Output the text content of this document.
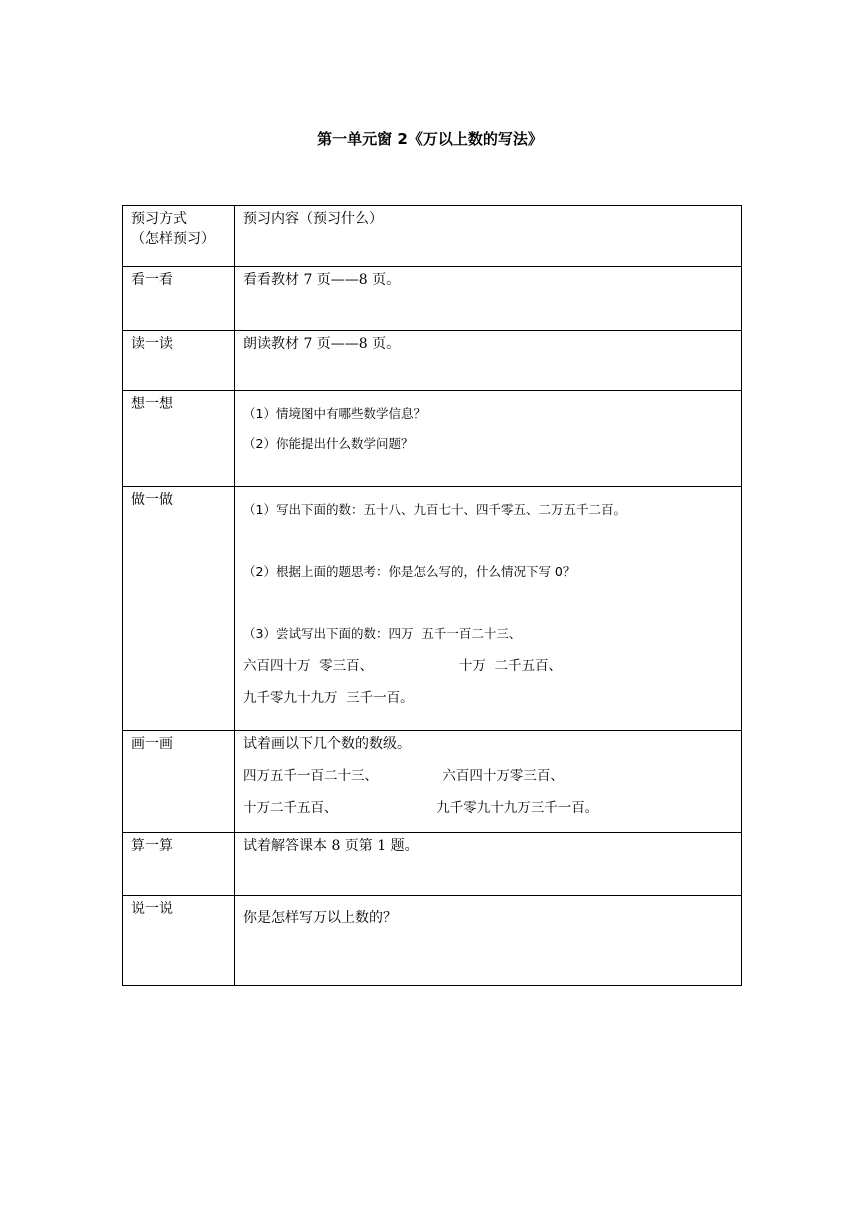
第一单元窗 2《万以上数的写法》
预习方式
（怎样预习）	预习内容（预习什么）

看一看	看看教材 7 页——8 页。

读一读	朗读教材 7 页——8 页。

想一想	（1）情境图中有哪些数学信息？
（2）你能提出什么数学问题？

做一做	（1）写出下面的数：五十八、九百七十、四千零五、二万五千二百。
（2）根据上面的题思考：你是怎么写的，什么情况下写 0？
（3）尝试写出下面的数：四万  五千一百二十三、
六百四十万  零三百、                    十万  二千五百、
九千零九十九万  三千一百。

画一画	试着画以下几个数的数级。
四万五千一百二十三、               六百四十万零三百、
十万二千五百、                       九千零九十九万三千一百。

算一算	试着解答课本 8 页第 1 题。

说一说	你是怎样写万以上数的？
